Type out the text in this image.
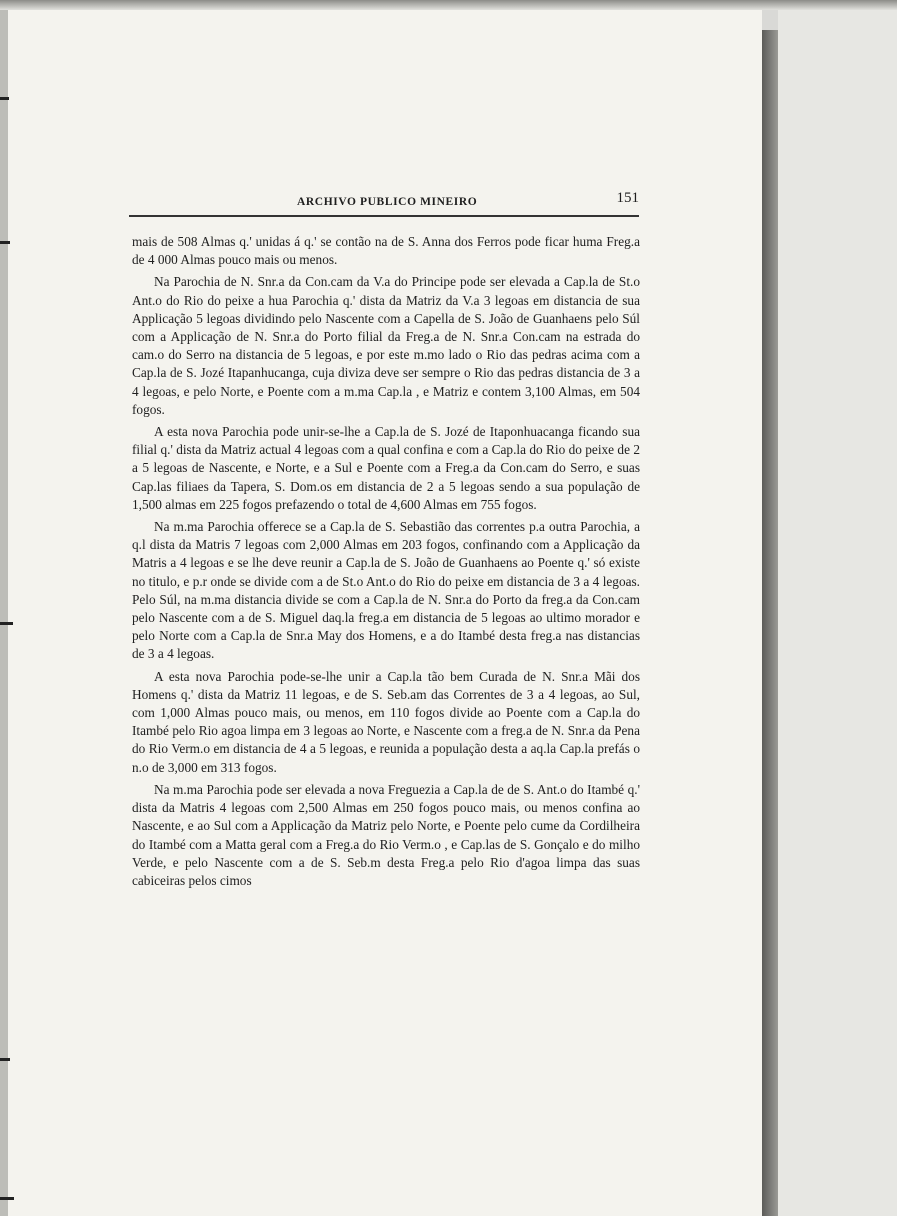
ARCHIVO PUBLICO MINEIRO	151

mais de 508 Almas q.' unidas á q.' se contão na de S. Anna dos Ferros pode ficar huma Freg.a de 4 000 Almas pouco mais ou menos.

Na Parochia de N. Snr.a da Con.cam da V.a do Principe pode ser elevada a Cap.la de St.o Ant.o do Rio do peixe a hua Parochia q.' dista da Matriz da V.a 3 legoas em distancia de sua Applicação 5 legoas dividindo pelo Nascente com a Capella de S. João de Guanhaens pelo Súl com a Applicação de N. Snr.a do Porto filial da Freg.a de N. Snr.a Con.cam na estrada do cam.o do Serro na distancia de 5 legoas, e por este m.mo lado o Rio das pedras acima com a Cap.la de S. Jozé Itapanhucanga, cuja diviza deve ser sempre o Rio das pedras distancia de 3 a 4 legoas, e pelo Norte, e Poente com a m.ma Cap.la , e Matriz e contem 3,100 Almas, em 504 fogos.

A esta nova Parochia pode unir-se-lhe a Cap.la de S. Jozé de Itaponhuacanga ficando sua filial q.' dista da Matriz actual 4 legoas com a qual confina e com a Cap.la do Rio do peixe de 2 a 5 legoas de Nascente, e Norte, e a Sul e Poente com a Freg.a da Con.cam do Serro, e suas Cap.las filiaes da Tapera, S. Dom.os em distancia de 2 a 5 legoas sendo a sua população de 1,500 almas em 225 fogos prefazendo o total de 4,600 Almas em 755 fogos.

Na m.ma Parochia offerece se a Cap.la de S. Sebastião das correntes p.a outra Parochia, a q.l dista da Matris 7 legoas com 2,000 Almas em 203 fogos, confinando com a Applicação da Matris a 4 legoas e se lhe deve reunir a Cap.la de S. João de Guanhaens ao Poente q.' só existe no titulo, e p.r onde se divide com a de St.o Ant.o do Rio do peixe em distancia de 3 a 4 legoas. Pelo Súl, na m.ma distancia divide se com a Cap.la de N. Snr.a do Porto da freg.a da Con.cam pelo Nascente com a de S. Miguel daq.la freg.a em distancia de 5 legoas ao ultimo morador e pelo Norte com a Cap.la de Snr.a May dos Homens, e a do Itambé desta freg.a nas distancias de 3 a 4 legoas.

A esta nova Parochia pode-se-lhe unir a Cap.la tão bem Curada de N. Snr.a Mãi dos Homens q.' dista da Matriz 11 legoas, e de S. Seb.am das Correntes de 3 a 4 legoas, ao Sul, com 1,000 Almas pouco mais, ou menos, em 110 fogos divide ao Poente com a Cap.la do Itambé pelo Rio agoa limpa em 3 legoas ao Norte, e Nascente com a freg.a de N. Snr.a da Pena do Rio Verm.o em distancia de 4 a 5 legoas, e reunida a população desta a aq.la Cap.la prefás o n.o de 3,000 em 313 fogos.

Na m.ma Parochia pode ser elevada a nova Freguezia a Cap.la de de S. Ant.o do Itambé q.' dista da Matris 4 legoas com 2,500 Almas em 250 fogos pouco mais, ou menos confina ao Nascente, e ao Sul com a Applicação da Matriz pelo Norte, e Poente pelo cume da Cordilheira do Itambé com a Matta geral com a Freg.a do Rio Verm.o , e Cap.las de S. Gonçalo e do milho Verde, e pelo Nascente com a de S. Seb.m desta Freg.a pelo Rio d'agoa limpa das suas cabiceiras pelos cimos
